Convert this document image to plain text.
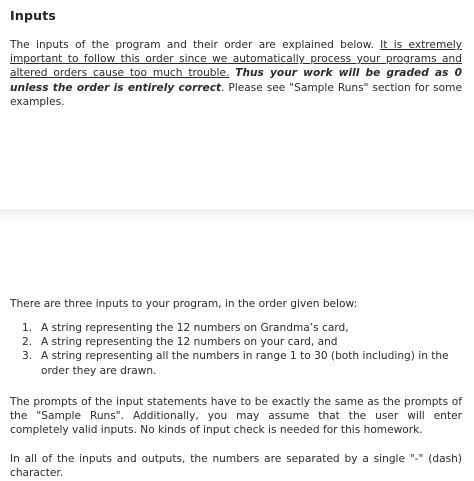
Inputs

The inputs of the program and their order are explained below. It is extremely important to follow this order since we automatically process your programs and altered orders cause too much trouble. Thus your work will be graded as 0 unless the order is entirely correct. Please see "Sample Runs" section for some examples.

There are three inputs to your program, in the order given below:

1. A string representing the 12 numbers on Grandma’s card,
2. A string representing the 12 numbers on your card, and
3. A string representing all the numbers in range 1 to 30 (both including) in the order they are drawn.

The prompts of the input statements have to be exactly the same as the prompts of the "Sample Runs". Additionally, you may assume that the user will enter completely valid inputs. No kinds of input check is needed for this homework.

In all of the inputs and outputs, the numbers are separated by a single "-" (dash) character.
